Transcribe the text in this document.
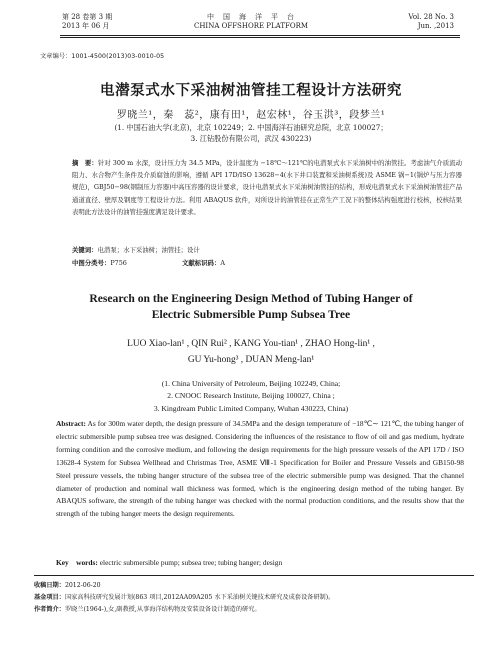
第 28 卷第 3 期
2013 年 06 月
中　国　海　洋　平　台
CHINA OFFSHORE PLATFORM
Vol. 28 No. 3
Jun. ,2013
文章编号：1001-4500(2013)03-0010-05
电潜泵式水下采油树油管挂工程设计方法研究
罗晓兰¹，秦　蕊²，康有田¹，赵宏林¹，谷玉洪³，段梦兰¹
(1. 中国石油大学(北京)，北京 102249；2. 中国海洋石油研究总院，北京 100027；
3. 江钻股份有限公司，武汉 430223)
摘　要：针对 300 m 水深，设计压力为 34.5 MPa，设计温度为 −18℃～121℃的电潜泵式水下采油树中的油管挂。考虑油气介质流动阻力、水合物产生条件及介质腐蚀的影响，遵循 API 17D/ISO 13628−4(水下井口装置和采油树系统)及 ASME 锅−1(锅炉与压力容器规范)，GBJ50−98(钢制压力容器)中高压容器的设计要求，设计电潜泵式水下采油树油管挂的结构，形成电潜泵式水下采油树油管挂产品通道直径、壁厚及钢度等工程设计方法。利用 ABAQUS 软件，对所设计的油管挂在正常生产工况下的整体结构强度进行校核，校核结果表明此方法设计的油管挂强度满足设计要求。
关键词：电潜泵；水下采油树；油管挂；设计
中图分类号：P756	文献标识码：A
Research on the Engineering Design Method of Tubing Hanger of
Electric Submersible Pump Subsea Tree
LUO Xiao-lan¹ , QIN Rui² , KANG You-tian¹ , ZHAO Hong-lin¹ ,
GU Yu-hong³ , DUAN Meng-lan¹
(1. China University of Petroleum, Beijing 102249, China;
2. CNOOC Research Institute, Beijing 100027, China ;
3. Kingdream Public Limited Company, Wuhan 430223, China)
Abstract: As for 300m water depth, the design pressure of 34.5MPa and the design temperature of −18℃∼ 121℃, the tubing hanger of electric submersible pump subsea tree was designed. Considering the influences of the resistance to flow of oil and gas medium, hydrate forming condition and the corrosive medium, and following the design requirements for the high pressure vessels of the API 17D / ISO 13628-4 System for Subsea Wellhead and Christmas Tree, ASME Ⅷ-1 Specification for Boiler and Pressure Vessels and GB150-98 Steel pressure vessels, the tubing hanger structure of the subsea tree of the electric submersible pump was designed. That the channel diameter of production and nominal wall thickness was formed, which is the engineering design method of the tubing hanger. By ABAQUS software, the strength of the tubing hanger was checked with the normal production conditions, and the results show that the strength of the tubing hanger meets the design requirements.
Key　words: electric submersible pump; subsea tree; tubing hanger; design
收稿日期：2012-06-20
基金项目：国家高科技研究发展计划(863 项目,2012AA09A205 水下采油树关键技术研究及成套设备研制)。
作者简介：罗晓兰(1964-),女,副教授,从事海洋结构物及安装设备设计制造的研究。
